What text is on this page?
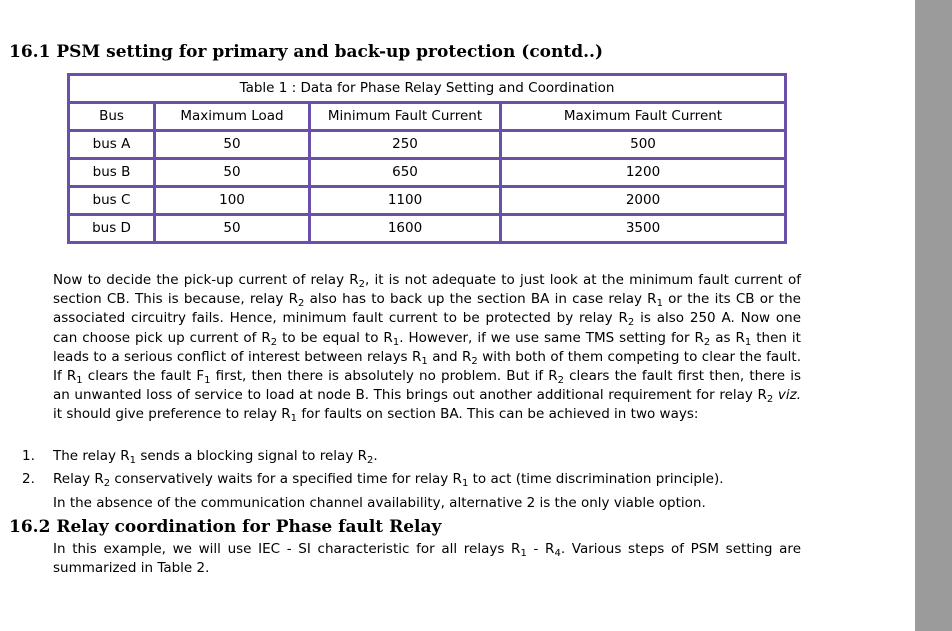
16.1 PSM setting for primary and back-up protection (contd..)
Table 1 : Data for Phase Relay Setting and Coordination			
Bus	Maximum Load	Minimum Fault Current	Maximum Fault Current
bus A	50	250	500
bus B	50	650	1200
bus C	100	1100	2000
bus D	50	1600	3500

Now to decide the pick-up current of relay $R_2$, it is not adequate to just look at the minimum fault current of section CB. This is because, relay $R_2$ also has to back up the section BA in case relay $R_1$ or the its CB or the associated circuitry fails. Hence, minimum fault current to be protected by relay $R_2$ is also 250 A. Now one can choose pick up current of $R_2$ to be equal to $R_1$. However, if we use same TMS setting for $R_2$ as $R_1$ then it leads to a serious conflict of interest between relays $R_1$ and $R_2$ with both of them competing to clear the fault. If $R_1$ clears the fault $F_1$ first, then there is absolutely no problem. But if $R_2$ clears the fault first then, there is an unwanted loss of service to load at node B. This brings out another additional requirement for relay $R_2$ viz. it should give preference to relay $R_1$ for faults on section BA. This can be achieved in two ways:

1. The relay $R_1$ sends a blocking signal to relay $R_2$.
2. Relay $R_2$ conservatively waits for a specified time for relay $R_1$ to act (time discrimination principle).
In the absence of the communication channel availability, alternative 2 is the only viable option.
16.2 Relay coordination for Phase fault Relay

In this example, we will use IEC - SI characteristic for all relays $R_1 - R_4$. Various steps of PSM setting are summarized in Table 2.
